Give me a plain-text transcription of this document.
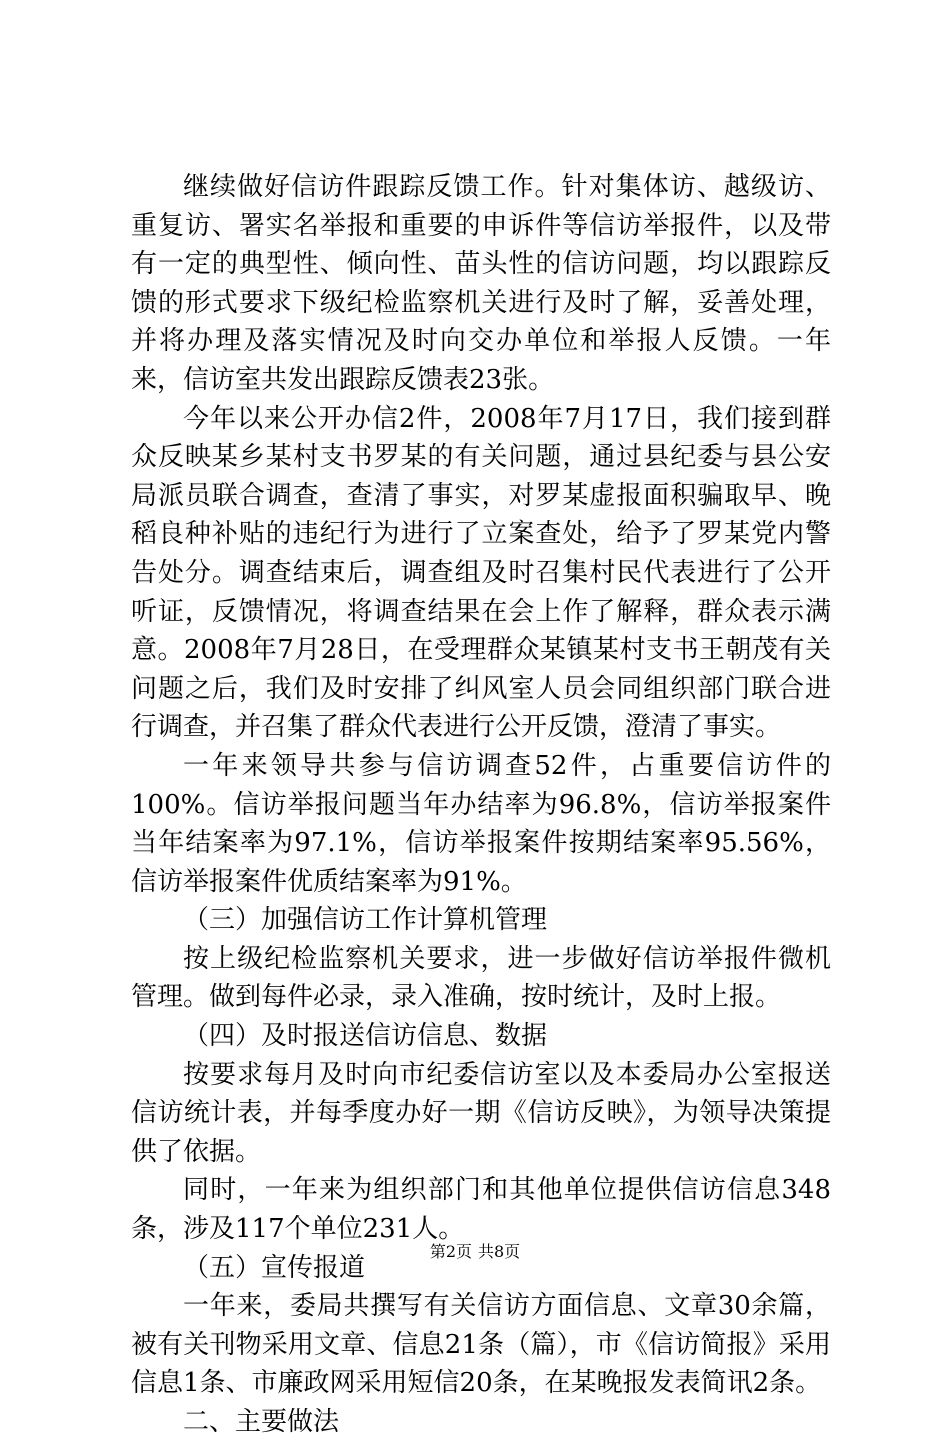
继续做好信访件跟踪反馈工作。针对集体访、越级访、重复访、署实名举报和重要的申诉件等信访举报件，以及带有一定的典型性、倾向性、苗头性的信访问题，均以跟踪反馈的形式要求下级纪检监察机关进行及时了解，妥善处理，并将办理及落实情况及时向交办单位和举报人反馈。一年来，信访室共发出跟踪反馈表23张。

今年以来公开办信2件，2008年7月17日，我们接到群众反映某乡某村支书罗某的有关问题，通过县纪委与县公安局派员联合调查，查清了事实，对罗某虚报面积骗取早、晚稻良种补贴的违纪行为进行了立案查处，给予了罗某党内警告处分。调查结束后，调查组及时召集村民代表进行了公开听证，反馈情况，将调查结果在会上作了解释，群众表示满意。2008年7月28日，在受理群众某镇某村支书王朝茂有关问题之后，我们及时安排了纠风室人员会同组织部门联合进行调查，并召集了群众代表进行公开反馈，澄清了事实。

一年来领导共参与信访调查52件，占重要信访件的100%。信访举报问题当年办结率为96.8%，信访举报案件当年结案率为97.1%，信访举报案件按期结案率95.56%，信访举报案件优质结案率为91%。

（三）加强信访工作计算机管理

按上级纪检监察机关要求，进一步做好信访举报件微机管理。做到每件必录，录入准确，按时统计，及时上报。

（四）及时报送信访信息、数据

按要求每月及时向市纪委信访室以及本委局办公室报送信访统计表，并每季度办好一期《信访反映》，为领导决策提供了依据。

同时，一年来为组织部门和其他单位提供信访信息348条，涉及117个单位231人。

（五）宣传报道

一年来，委局共撰写有关信访方面信息、文章30余篇，被有关刊物采用文章、信息21条（篇），市《信访简报》采用信息1条、市廉政网采用短信20条，在某晚报发表简讯2条。

二、主要做法

第2页 共8页
